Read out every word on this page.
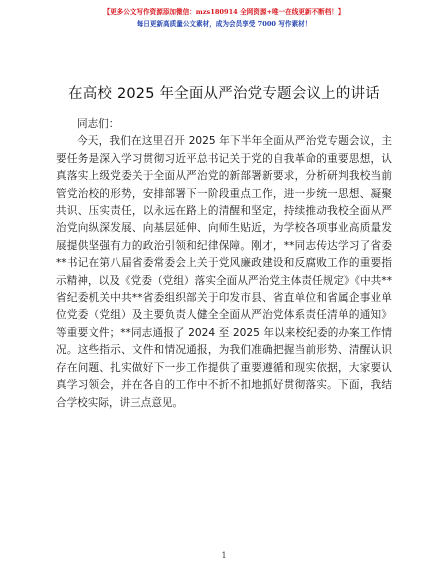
【更多公文写作资源添加微信：mzs180914 全网资源+唯一在线更新不断档！】
每日更新高质量公文素材，成为会员享受 7000 写作素材！
在高校 2025 年全面从严治党专题会议上的讲话

同志们：

今天，我们在这里召开 2025 年下半年全面从严治党专题会议，主要任务是深入学习贯彻习近平总书记关于党的自我革命的重要思想，认真落实上级党委关于全面从严治党的新部署新要求，分析研判我校当前管党治校的形势，安排部署下一阶段重点工作，进一步统一思想、凝聚共识、压实责任，以永远在路上的清醒和坚定，持续推动我校全面从严治党向纵深发展、向基层延伸、向师生贴近，为学校各项事业高质量发展提供坚强有力的政治引领和纪律保障。刚才，**同志传达学习了省委**书记在第八届省委常委会上关于党风廉政建设和反腐败工作的重要指示精神，以及《党委（党组）落实全面从严治党主体责任规定》《中共**省纪委机关中共**省委组织部关于印发市县、省直单位和省属企事业单位党委（党组）及主要负责人健全全面从严治党体系责任清单的通知》等重要文件；**同志通报了 2024 至 2025 年以来校纪委的办案工作情况。这些指示、文件和情况通报，为我们准确把握当前形势、清醒认识存在问题、扎实做好下一步工作提供了重要遵循和现实依据，大家要认真学习领会，并在各自的工作中不折不扣地抓好贯彻落实。下面，我结合学校实际，讲三点意见。

1
